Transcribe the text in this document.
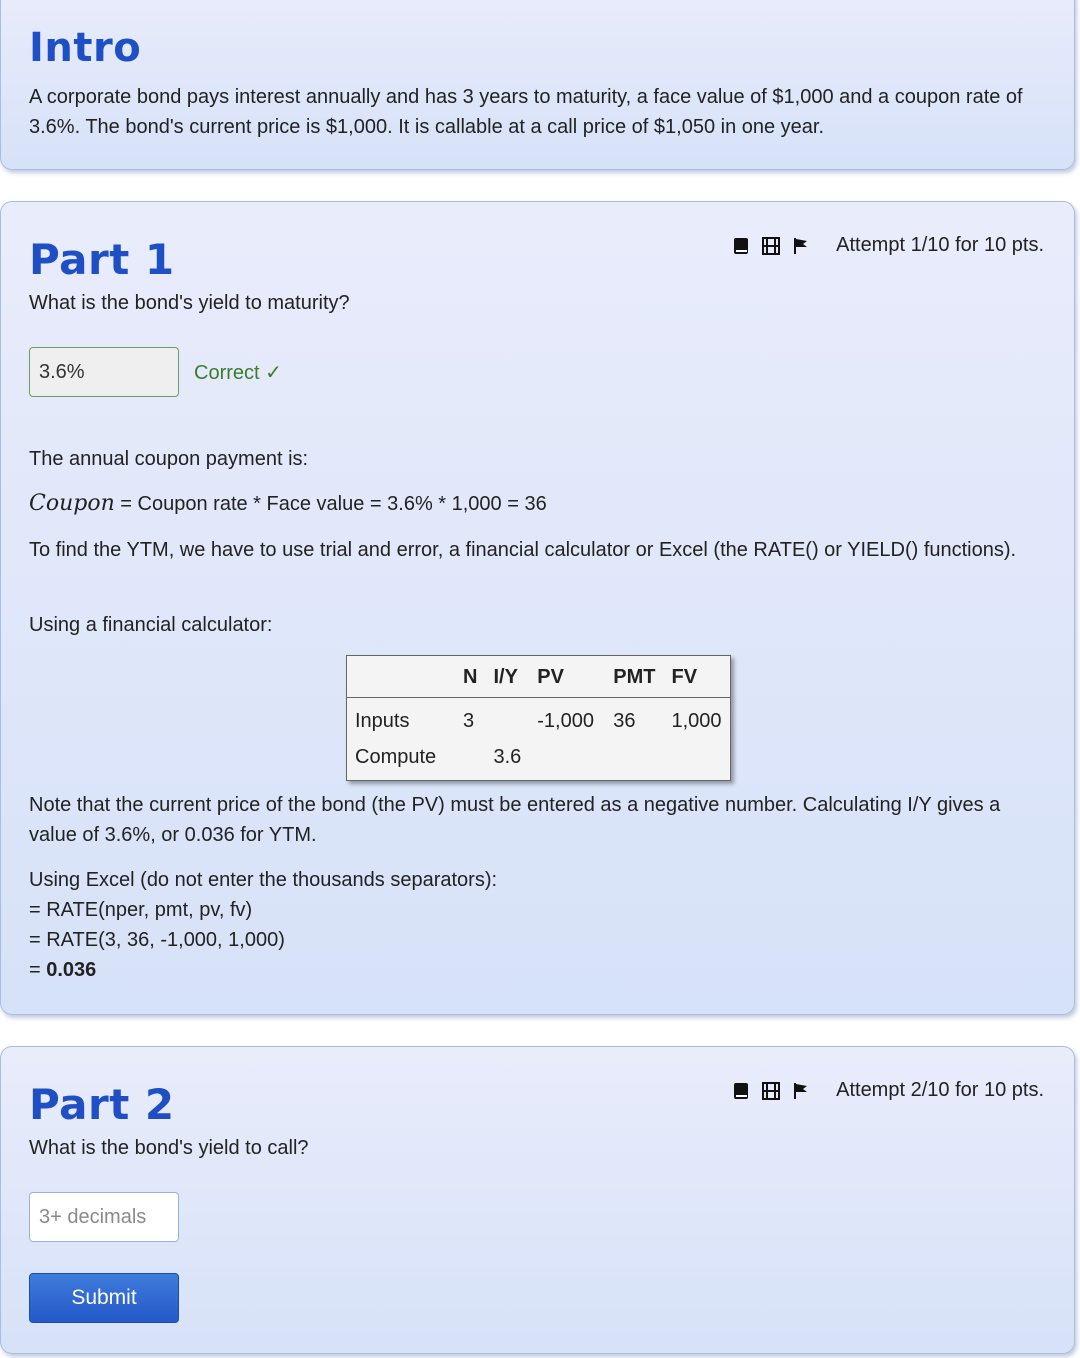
Intro

A corporate bond pays interest annually and has 3 years to maturity, a face value of $1,000 and a coupon rate of 3.6%. The bond's current price is $1,000. It is callable at a call price of $1,050 in one year.

Part 1	Attempt 1/10 for 10 pts.

What is the bond's yield to maturity?

3.6%
Correct ✓

The annual coupon payment is:

Coupon = Coupon rate * Face value = 3.6% * 1,000 = 36

To find the YTM, we have to use trial and error, a financial calculator or Excel (the RATE() or YIELD() functions).

Using a financial calculator:

	N	I/Y	PV	PMT	FV
Inputs	3		-1,000	36	1,000
Compute		3.6			

Note that the current price of the bond (the PV) must be entered as a negative number. Calculating I/Y gives a value of 3.6%, or 0.036 for YTM.

Using Excel (do not enter the thousands separators):
= RATE(nper, pmt, pv, fv)
= RATE(3, 36, -1,000, 1,000)
= 0.036
Part 2	Attempt 2/10 for 10 pts.

What is the bond's yield to call?

3+ decimals
Submit
